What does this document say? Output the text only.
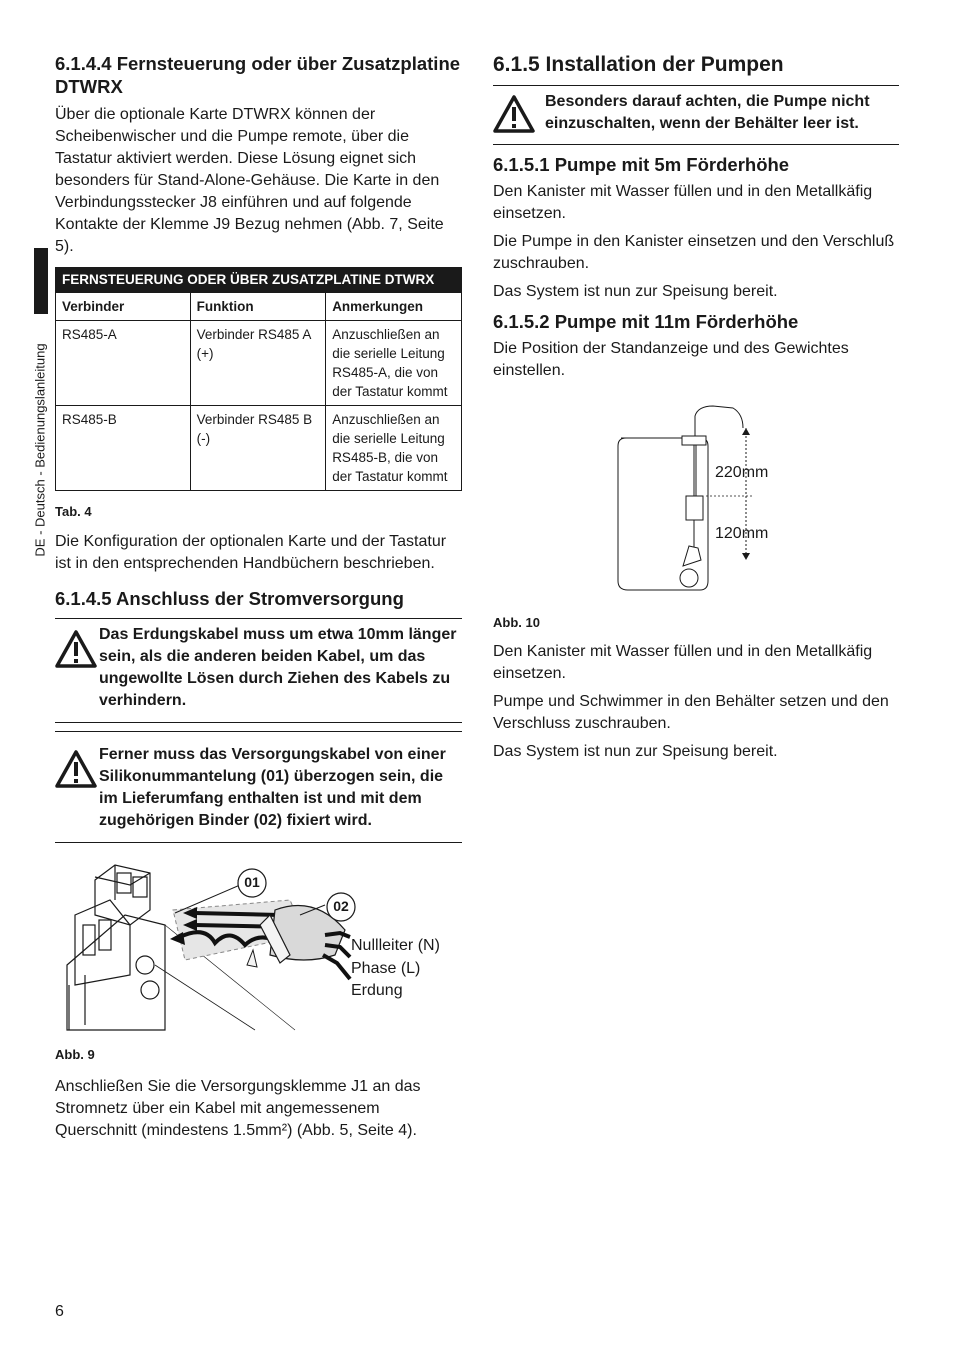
DE - Deutsch - Bedienungslanleitung
6.1.4.4 Fernsteuerung oder über Zusatzplatine DTWRX

Über die optionale Karte DTWRX können der Scheibenwischer und die Pumpe remote, über die Tastatur aktiviert werden. Diese Lösung eignet sich besonders für Stand-Alone-Gehäuse. Die Karte in den Verbindungsstecker J8 einführen und auf folgende Kontakte der Klemme J9 Bezug nehmen (Abb. 7, Seite 5).

FERNSTEUERUNG ODER ÜBER ZUSATZPLATINE DTWRX		
Verbinder	Funktion	Anmerkungen
RS485-A	Verbinder RS485 A (+)	Anzuschließen an die serielle Leitung RS485-A, die von der Tastatur kommt
RS485-B	Verbinder RS485 B (-)	Anzuschließen an die serielle Leitung RS485-B, die von der Tastatur kommt
Tab. 4

Die Konfiguration der optionalen Karte und der Tastatur ist in den entsprechenden Handbüchern beschrieben.

6.1.4.5 Anschluss der Stromversorgung
Das Erdungskabel muss um etwa 10mm länger sein, als die anderen beiden Kabel, um das ungewollte Lösen durch Ziehen des Kabels zu verhindern.
Ferner muss das Versorgungskabel von einer Silikonummantelung (01) überzogen sein, die im Lieferumfang enthalten ist und mit dem zugehörigen Binder (02) fixiert wird.
01
02
Nullleiter (N)
Phase (L)
Erdung
Abb. 9

Anschließen Sie die Versorgungsklemme J1 an das Stromnetz über ein Kabel mit angemessenem Querschnitt (mindestens 1.5mm²) (Abb. 5, Seite 4).

6.1.5 Installation der Pumpen
Besonders darauf achten, die Pumpe nicht einzuschalten, wenn der Behälter leer ist.
6.1.5.1 Pumpe mit 5m Förderhöhe

Den Kanister mit Wasser füllen und in den Metallkäfig einsetzen.

Die Pumpe in den Kanister einsetzen und den Verschluß zuschrauben.

Das System ist nun zur Speisung bereit.

6.1.5.2 Pumpe mit 11m Förderhöhe

Die Position der Standanzeige und des Gewichtes einstellen.

220mm
120mm
Abb. 10

Den Kanister mit Wasser füllen und in den Metallkäfig einsetzen.

Pumpe und Schwimmer in den Behälter setzen und den Verschluss zuschrauben.

Das System ist nun zur Speisung bereit.

6
